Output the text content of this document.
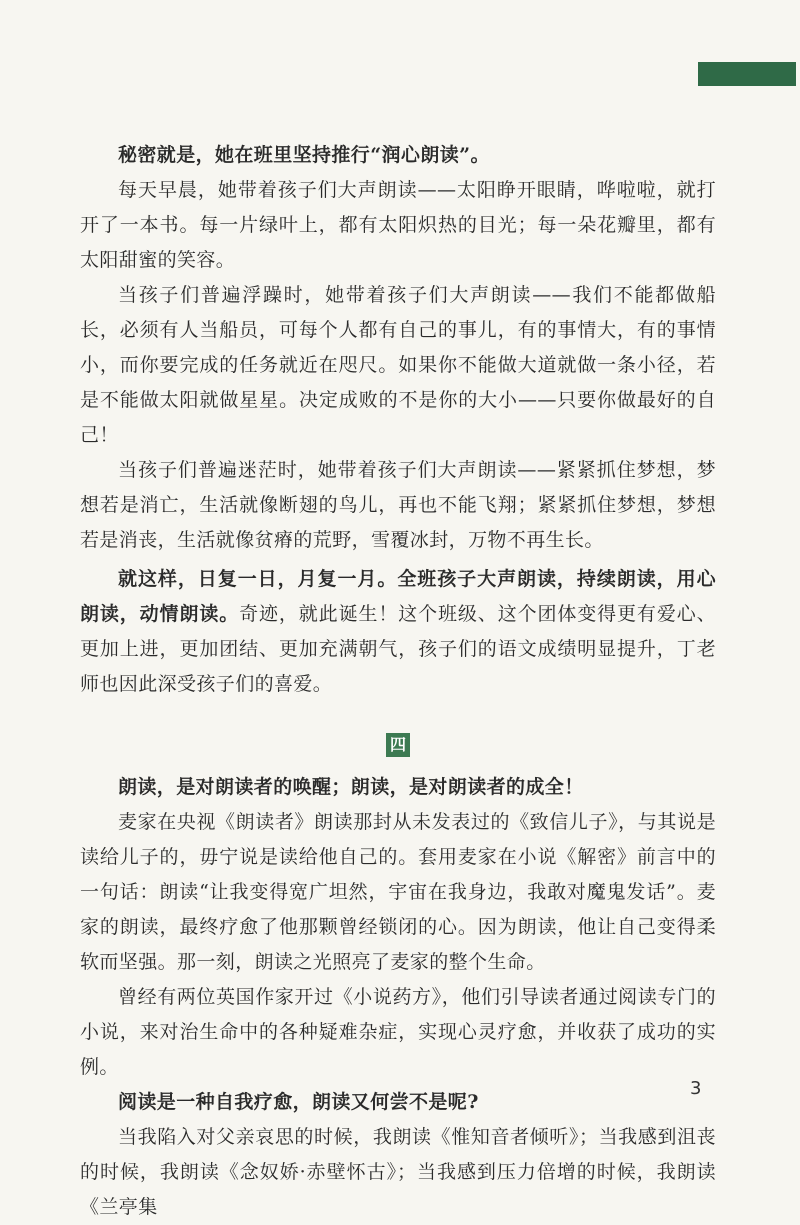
秘密就是，她在班里坚持推行“润心朗读”。

每天早晨，她带着孩子们大声朗读——太阳睁开眼睛，哗啦啦，就打开了一本书。每一片绿叶上，都有太阳炽热的目光；每一朵花瓣里，都有太阳甜蜜的笑容。

当孩子们普遍浮躁时，她带着孩子们大声朗读——我们不能都做船长，必须有人当船员，可每个人都有自己的事儿，有的事情大，有的事情小，而你要完成的任务就近在咫尺。如果你不能做大道就做一条小径，若是不能做太阳就做星星。决定成败的不是你的大小——只要你做最好的自己！

当孩子们普遍迷茫时，她带着孩子们大声朗读——紧紧抓住梦想，梦想若是消亡，生活就像断翅的鸟儿，再也不能飞翔；紧紧抓住梦想，梦想若是消丧，生活就像贫瘠的荒野，雪覆冰封，万物不再生长。

就这样，日复一日，月复一月。全班孩子大声朗读，持续朗读，用心朗读，动情朗读。奇迹，就此诞生！这个班级、这个团体变得更有爱心、更加上进，更加团结、更加充满朝气，孩子们的语文成绩明显提升，丁老师也因此深受孩子们的喜爱。

四

朗读，是对朗读者的唤醒；朗读，是对朗读者的成全！

麦家在央视《朗读者》朗读那封从未发表过的《致信儿子》，与其说是读给儿子的，毋宁说是读给他自己的。套用麦家在小说《解密》前言中的一句话：朗读“让我变得宽广坦然，宇宙在我身边，我敢对魔鬼发话”。麦家的朗读，最终疗愈了他那颗曾经锁闭的心。因为朗读，他让自己变得柔软而坚强。那一刻，朗读之光照亮了麦家的整个生命。

曾经有两位英国作家开过《小说药方》，他们引导读者通过阅读专门的小说，来对治生命中的各种疑难杂症，实现心灵疗愈，并收获了成功的实例。

阅读是一种自我疗愈，朗读又何尝不是呢?

当我陷入对父亲哀思的时候，我朗读《惟知音者倾听》；当我感到沮丧的时候，我朗读《念奴娇·赤壁怀古》；当我感到压力倍增的时候，我朗读《兰亭集

3
